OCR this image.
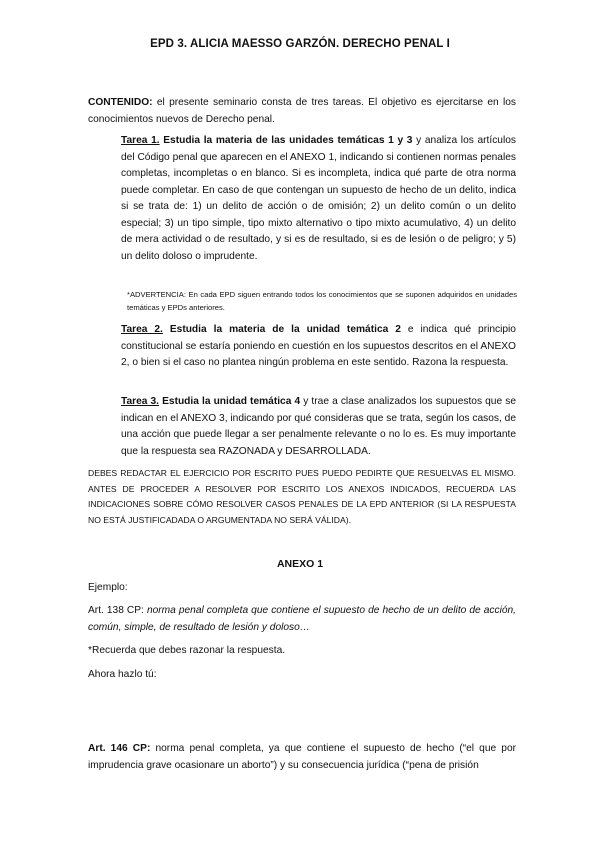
EPD 3. ALICIA MAESSO GARZÓN. DERECHO PENAL I
CONTENIDO: el presente seminario consta de tres tareas. El objetivo es ejercitarse en los conocimientos nuevos de Derecho penal.
Tarea 1. Estudia la materia de las unidades temáticas 1 y 3 y analiza los artículos del Código penal que aparecen en el ANEXO 1, indicando si contienen normas penales completas, incompletas o en blanco. Si es incompleta, indica qué parte de otra norma puede completar. En caso de que contengan un supuesto de hecho de un delito, indica si se trata de: 1) un delito de acción o de omisión; 2) un delito común o un delito especial; 3) un tipo simple, tipo mixto alternativo o tipo mixto acumulativo, 4) un delito de mera actividad o de resultado, y si es de resultado, si es de lesión o de peligro; y 5) un delito doloso o imprudente.
*ADVERTENCIA: En cada EPD siguen entrando todos los conocimientos que se suponen adquiridos en unidades temáticas y EPDs anteriores.
Tarea 2. Estudia la materia de la unidad temática 2 e indica qué principio constitucional se estaría poniendo en cuestión en los supuestos descritos en el ANEXO 2, o bien si el caso no plantea ningún problema en este sentido. Razona la respuesta.
Tarea 3. Estudia la unidad temática 4 y trae a clase analizados los supuestos que se indican en el ANEXO 3, indicando por qué consideras que se trata, según los casos, de una acción que puede llegar a ser penalmente relevante o no lo es. Es muy importante que la respuesta sea RAZONADA y DESARROLLADA.
DEBES REDACTAR EL EJERCICIO POR ESCRITO PUES PUEDO PEDIRTE QUE RESUELVAS EL MISMO. ANTES DE PROCEDER A RESOLVER POR ESCRITO LOS ANEXOS INDICADOS, RECUERDA LAS INDICACIONES SOBRE CÓMO RESOLVER CASOS PENALES DE LA EPD ANTERIOR (SI LA RESPUESTA NO ESTÁ JUSTIFICADADA O ARGUMENTADA NO SERÁ VÁLIDA).
ANEXO 1
Ejemplo:
Art. 138 CP: norma penal completa que contiene el supuesto de hecho de un delito de acción, común, simple, de resultado de lesión y doloso…
*Recuerda que debes razonar la respuesta.
Ahora hazlo tú:
Art. 146 CP: norma penal completa, ya que contiene el supuesto de hecho (“el que por imprudencia grave ocasionare un aborto”) y su consecuencia jurídica (“pena de prisión
